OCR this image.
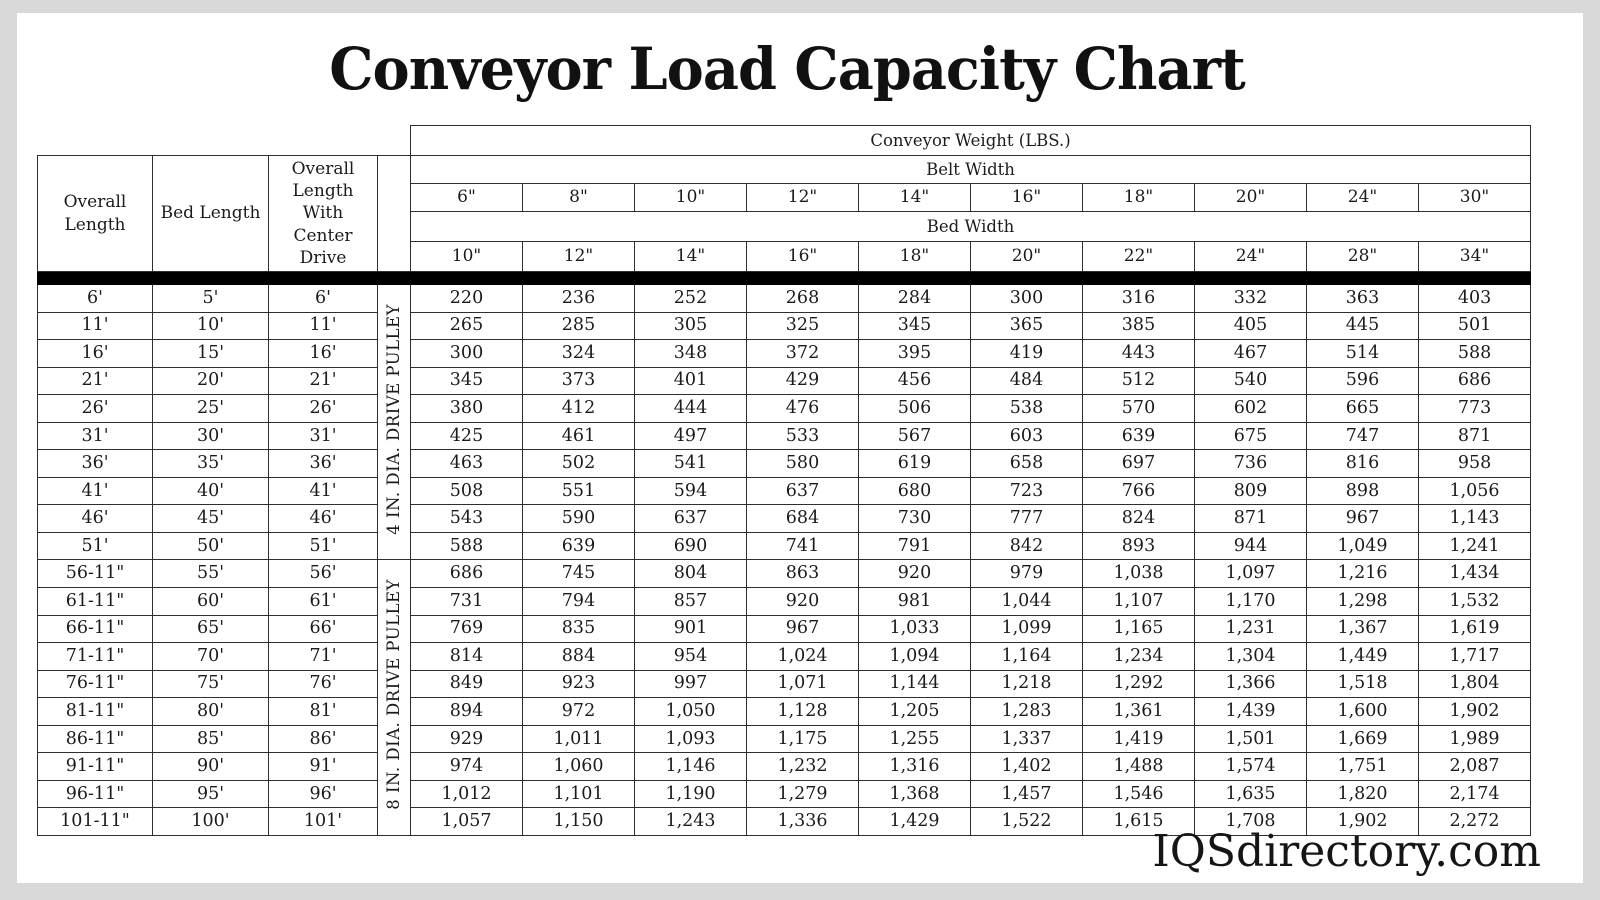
Conveyor Load Capacity Chart
				Conveyor Weight (LBS.)									
Overall Length	Bed Length	Overall Length With Center Drive		Belt Width									
				6"	8"	10"	12"	14"	16"	18"	20"	24"	30"
				Bed Width									
				10"	12"	14"	16"	18"	20"	22"	24"	28"	34"

6'	5'	6'	4 IN. DIA. DRIVE PULLEY	220	236	252	268	284	300	316	332	363	403
11'	10'	11'		265	285	305	325	345	365	385	405	445	501
16'	15'	16'		300	324	348	372	395	419	443	467	514	588
21'	20'	21'		345	373	401	429	456	484	512	540	596	686
26'	25'	26'		380	412	444	476	506	538	570	602	665	773
31'	30'	31'		425	461	497	533	567	603	639	675	747	871
36'	35'	36'		463	502	541	580	619	658	697	736	816	958
41'	40'	41'		508	551	594	637	680	723	766	809	898	1,056
46'	45'	46'		543	590	637	684	730	777	824	871	967	1,143
51'	50'	51'		588	639	690	741	791	842	893	944	1,049	1,241
56-11"	55'	56'	8 IN. DIA. DRIVE PULLEY	686	745	804	863	920	979	1,038	1,097	1,216	1,434
61-11"	60'	61'		731	794	857	920	981	1,044	1,107	1,170	1,298	1,532
66-11"	65'	66'		769	835	901	967	1,033	1,099	1,165	1,231	1,367	1,619
71-11"	70'	71'		814	884	954	1,024	1,094	1,164	1,234	1,304	1,449	1,717
76-11"	75'	76'		849	923	997	1,071	1,144	1,218	1,292	1,366	1,518	1,804
81-11"	80'	81'		894	972	1,050	1,128	1,205	1,283	1,361	1,439	1,600	1,902
86-11"	85'	86'		929	1,011	1,093	1,175	1,255	1,337	1,419	1,501	1,669	1,989
91-11"	90'	91'		974	1,060	1,146	1,232	1,316	1,402	1,488	1,574	1,751	2,087
96-11"	95'	96'		1,012	1,101	1,190	1,279	1,368	1,457	1,546	1,635	1,820	2,174
101-11"	100'	101'		1,057	1,150	1,243	1,336	1,429	1,522	1,615	1,708	1,902	2,272
IQSdirectory.com
